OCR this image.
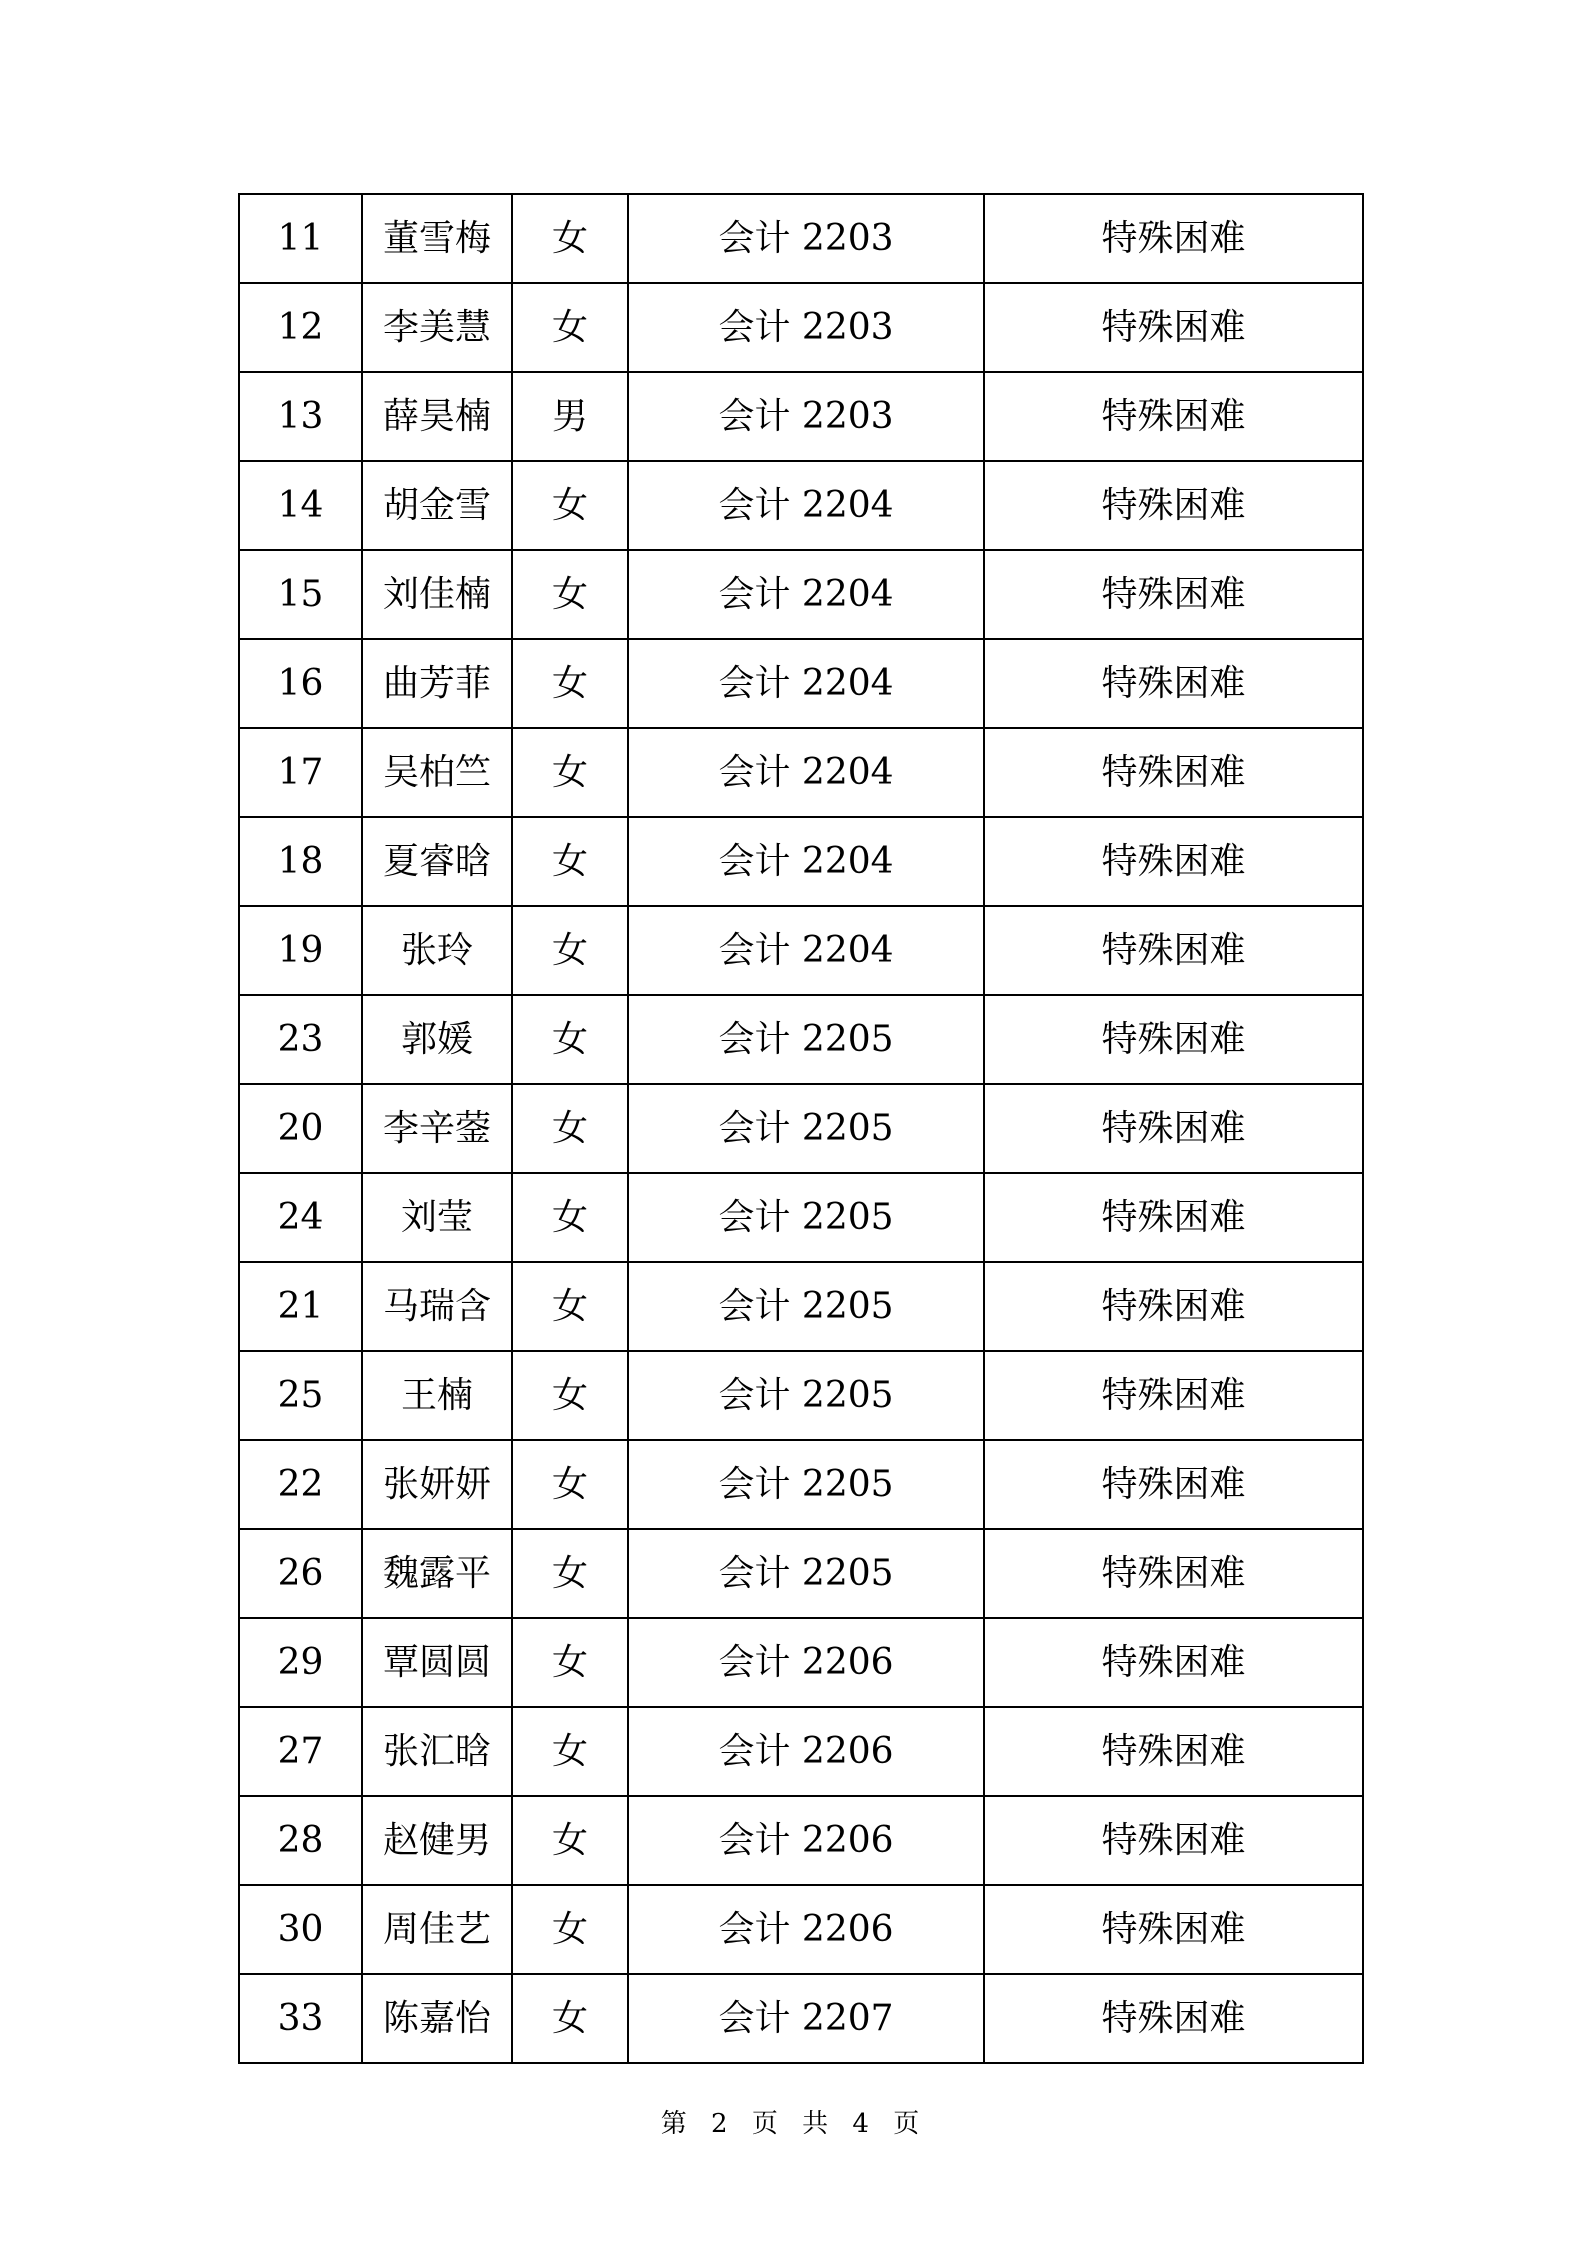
11	董雪梅	女	会计 2203	特殊困难
12	李美慧	女	会计 2203	特殊困难
13	薛昊楠	男	会计 2203	特殊困难
14	胡金雪	女	会计 2204	特殊困难
15	刘佳楠	女	会计 2204	特殊困难
16	曲芳菲	女	会计 2204	特殊困难
17	吴柏竺	女	会计 2204	特殊困难
18	夏睿晗	女	会计 2204	特殊困难
19	张玲	女	会计 2204	特殊困难
23	郭媛	女	会计 2205	特殊困难
20	李辛蓥	女	会计 2205	特殊困难
24	刘莹	女	会计 2205	特殊困难
21	马瑞含	女	会计 2205	特殊困难
25	王楠	女	会计 2205	特殊困难
22	张妍妍	女	会计 2205	特殊困难
26	魏露平	女	会计 2205	特殊困难
29	覃圆圆	女	会计 2206	特殊困难
27	张汇晗	女	会计 2206	特殊困难
28	赵健男	女	会计 2206	特殊困难
30	周佳艺	女	会计 2206	特殊困难
33	陈嘉怡	女	会计 2207	特殊困难
第 2 页 共 4 页
